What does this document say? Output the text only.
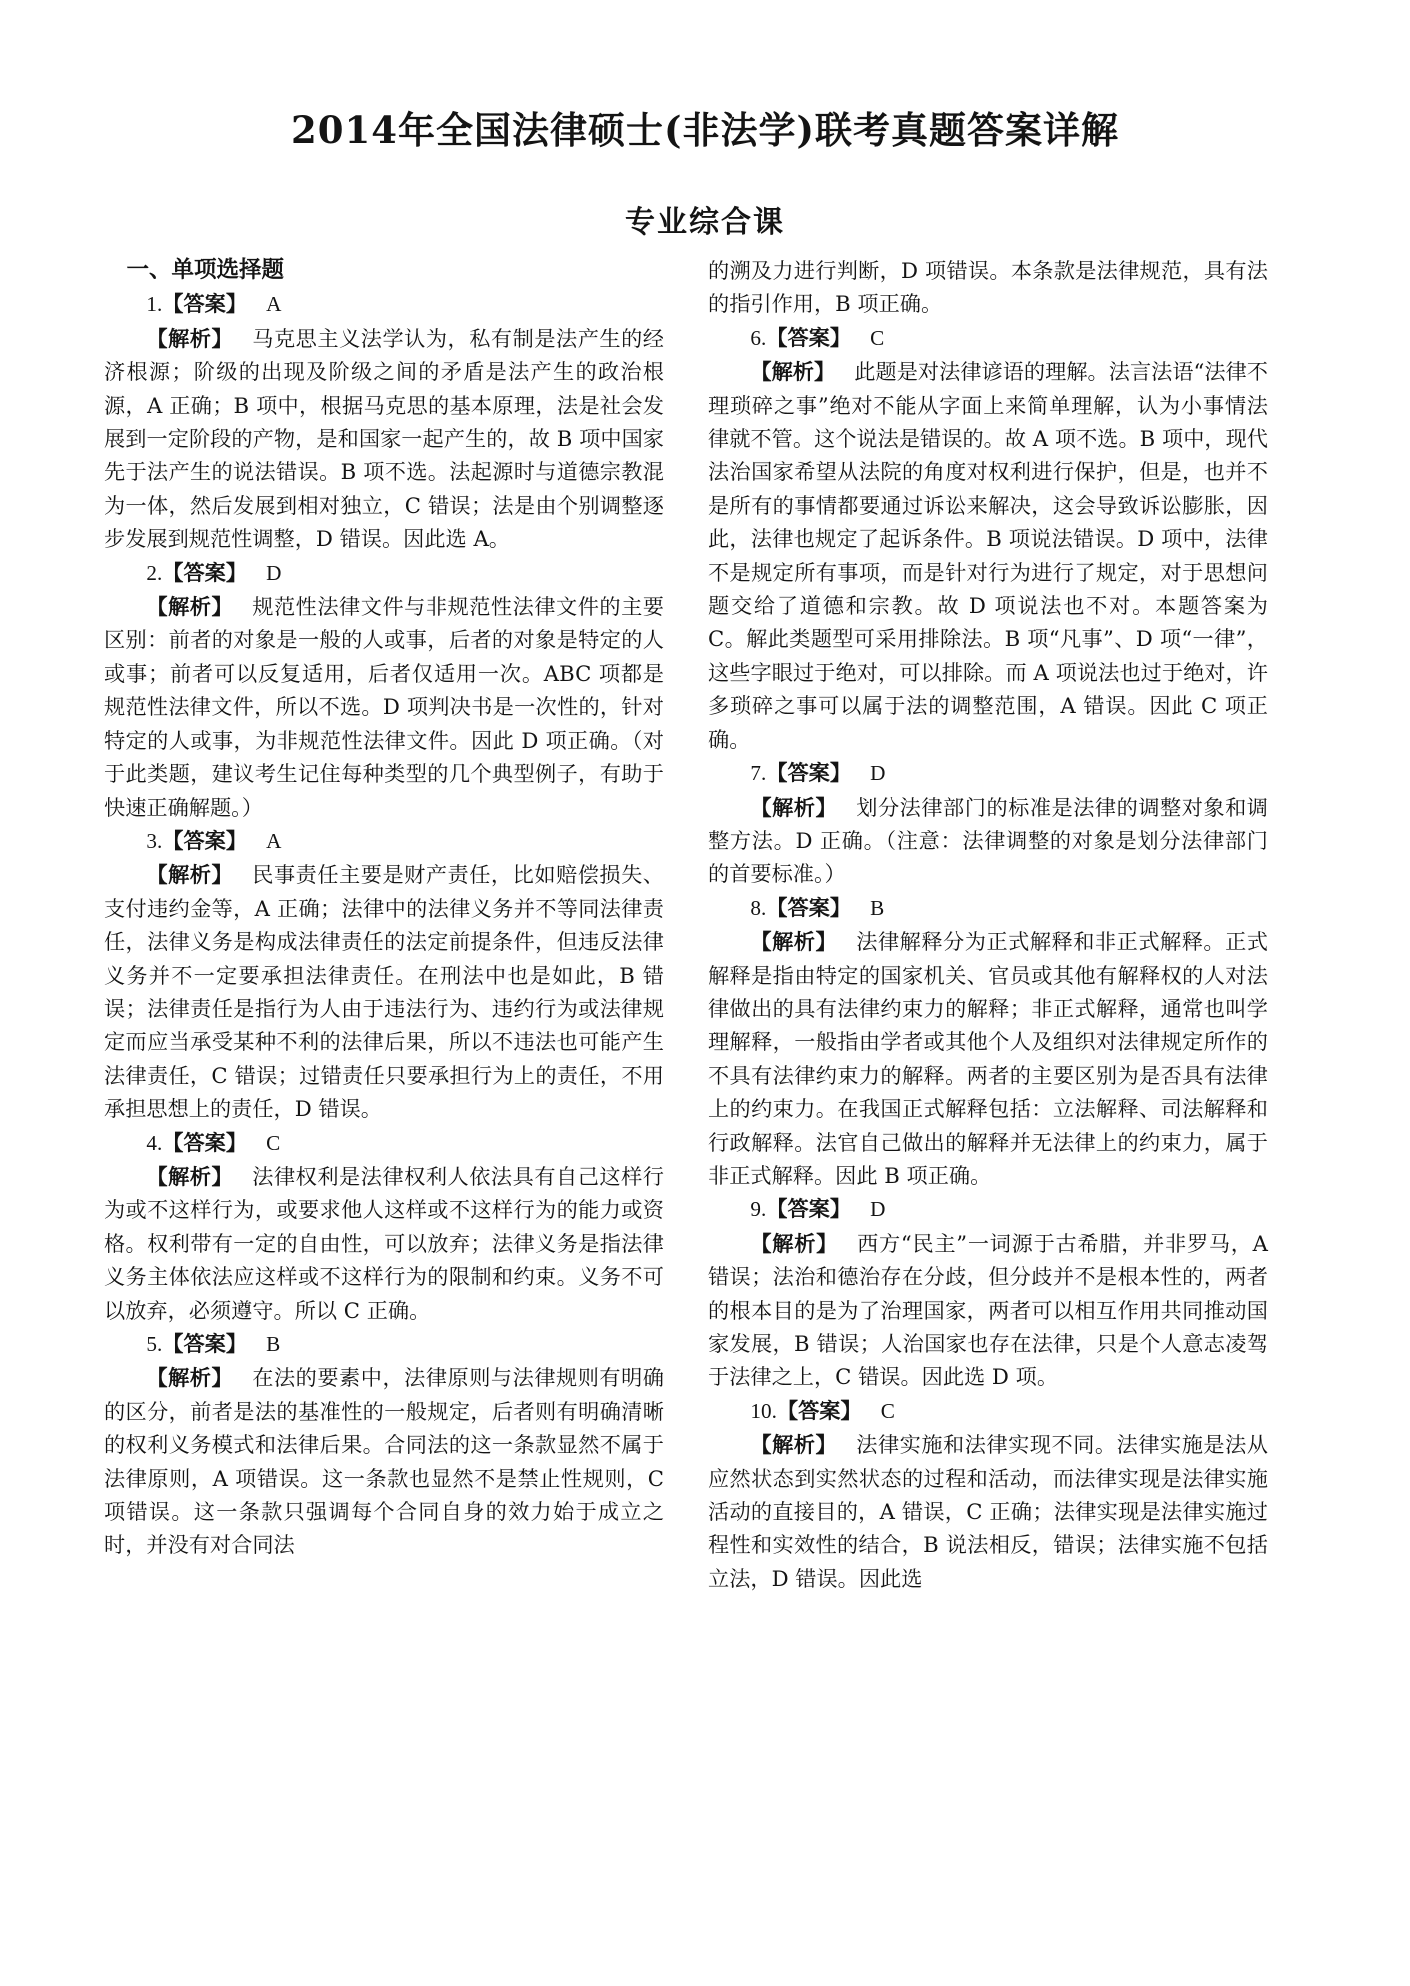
2014年全国法律硕士(非法学)联考真题答案详解
专业综合课

一、单项选择题

1.【答案】 A

【解析】 马克思主义法学认为，私有制是法产生的经济根源；阶级的出现及阶级之间的矛盾是法产生的政治根源，A 正确；B 项中，根据马克思的基本原理，法是社会发展到一定阶段的产物，是和国家一起产生的，故 B 项中国家先于法产生的说法错误。B 项不选。法起源时与道德宗教混为一体，然后发展到相对独立，C 错误；法是由个别调整逐步发展到规范性调整，D 错误。因此选 A。

2.【答案】 D

【解析】 规范性法律文件与非规范性法律文件的主要区别：前者的对象是一般的人或事，后者的对象是特定的人或事；前者可以反复适用，后者仅适用一次。ABC 项都是规范性法律文件，所以不选。D 项判决书是一次性的，针对特定的人或事，为非规范性法律文件。因此 D 项正确。（对于此类题，建议考生记住每种类型的几个典型例子，有助于快速正确解题。）

3.【答案】 A

【解析】 民事责任主要是财产责任，比如赔偿损失、支付违约金等，A 正确；法律中的法律义务并不等同法律责任，法律义务是构成法律责任的法定前提条件，但违反法律义务并不一定要承担法律责任。在刑法中也是如此，B 错误；法律责任是指行为人由于违法行为、违约行为或法律规定而应当承受某种不利的法律后果，所以不违法也可能产生法律责任，C 错误；过错责任只要承担行为上的责任，不用承担思想上的责任，D 错误。

4.【答案】 C

【解析】 法律权利是法律权利人依法具有自己这样行为或不这样行为，或要求他人这样或不这样行为的能力或资格。权利带有一定的自由性，可以放弃；法律义务是指法律义务主体依法应这样或不这样行为的限制和约束。义务不可以放弃，必须遵守。所以 C 正确。

5.【答案】 B

【解析】 在法的要素中，法律原则与法律规则有明确的区分，前者是法的基准性的一般规定，后者则有明确清晰的权利义务模式和法律后果。合同法的这一条款显然不属于法律原则，A 项错误。这一条款也显然不是禁止性规则，C 项错误。这一条款只强调每个合同自身的效力始于成立之时，并没有对合同法

的溯及力进行判断，D 项错误。本条款是法律规范，具有法的指引作用，B 项正确。

6.【答案】 C

【解析】 此题是对法律谚语的理解。法言法语“法律不理琐碎之事”绝对不能从字面上来简单理解，认为小事情法律就不管。这个说法是错误的。故 A 项不选。B 项中，现代法治国家希望从法院的角度对权利进行保护，但是，也并不是所有的事情都要通过诉讼来解决，这会导致诉讼膨胀，因此，法律也规定了起诉条件。B 项说法错误。D 项中，法律不是规定所有事项，而是针对行为进行了规定，对于思想问题交给了道德和宗教。故 D 项说法也不对。本题答案为 C。解此类题型可采用排除法。B 项“凡事”、D 项“一律”，这些字眼过于绝对，可以排除。而 A 项说法也过于绝对，许多琐碎之事可以属于法的调整范围，A 错误。因此 C 项正确。

7.【答案】 D

【解析】 划分法律部门的标准是法律的调整对象和调整方法。D 正确。（注意：法律调整的对象是划分法律部门的首要标准。）

8.【答案】 B

【解析】 法律解释分为正式解释和非正式解释。正式解释是指由特定的国家机关、官员或其他有解释权的人对法律做出的具有法律约束力的解释；非正式解释，通常也叫学理解释，一般指由学者或其他个人及组织对法律规定所作的不具有法律约束力的解释。两者的主要区别为是否具有法律上的约束力。在我国正式解释包括：立法解释、司法解释和行政解释。法官自己做出的解释并无法律上的约束力，属于非正式解释。因此 B 项正确。

9.【答案】 D

【解析】 西方“民主”一词源于古希腊，并非罗马，A 错误；法治和德治存在分歧，但分歧并不是根本性的，两者的根本目的是为了治理国家，两者可以相互作用共同推动国家发展，B 错误；人治国家也存在法律，只是个人意志凌驾于法律之上，C 错误。因此选 D 项。

10.【答案】 C

【解析】 法律实施和法律实现不同。法律实施是法从应然状态到实然状态的过程和活动，而法律实现是法律实施活动的直接目的，A 错误，C 正确；法律实现是法律实施过程性和实效性的结合，B 说法相反，错误；法律实施不包括立法，D 错误。因此选
